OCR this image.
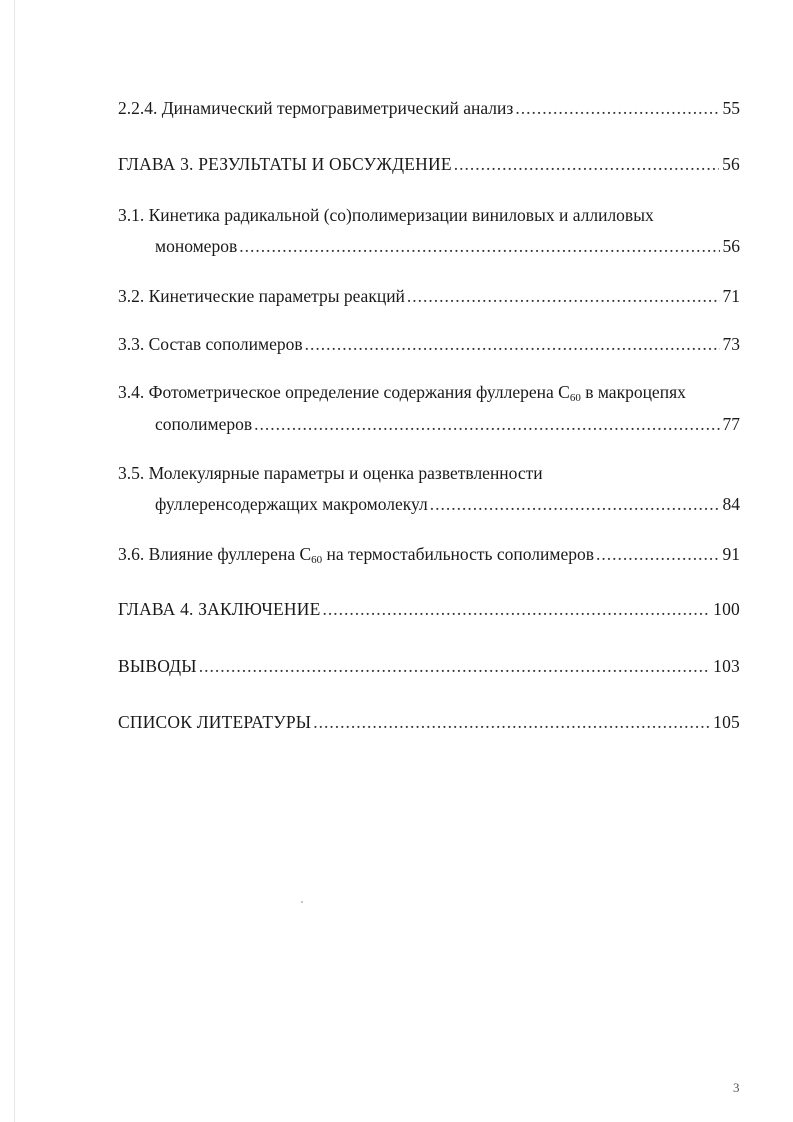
2.2.4. Динамический термогравиметрический анализ .....	55
ГЛАВА 3. РЕЗУЛЬТАТЫ И ОБСУЖДЕНИЕ .....	56
3.1. Кинетика радикальной (со)полимеризации виниловых и аллиловых
мономеров .....	56
3.2. Кинетические параметры реакций .....	71
3.3. Состав сополимеров .....	73
3.4. Фотометрическое определение содержания фуллерена $С_{60}$ в макроцепях
сополимеров .....	77
3.5. Молекулярные параметры и оценка разветвленности
фуллеренсодержащих макромолекул .....	84
3.6. Влияние фуллерена $С_{60}$ на термостабильность сополимеров .....	91
ГЛАВА 4. ЗАКЛЮЧЕНИЕ .....	100
ВЫВОДЫ .....	103
СПИСОК ЛИТЕРАТУРЫ .....	105
3
